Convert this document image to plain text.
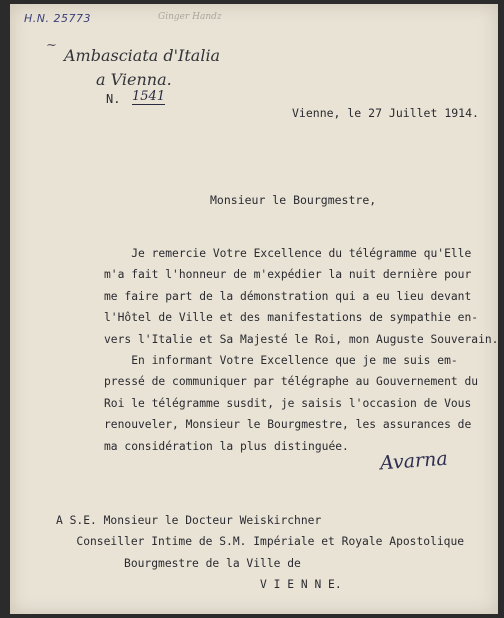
H.N. 25773	Ginger Handz
~
Ambasciata d'Italia
a Vienna.
N. 1541
Vienne, le 27 Juillet 1914.
Monsieur le Bourgmestre,
Je remercie Votre Excellence du télégramme qu'Elle
m'a fait l'honneur de m'expédier la nuit dernière pour
me faire part de la démonstration qui a eu lieu devant
l'Hôtel de Ville et des manifestations de sympathie en-
vers l'Italie et Sa Majesté le Roi, mon Auguste Souverain.
En informant Votre Excellence que je me suis em-
pressé de communiquer par télégraphe au Gouvernement du
Roi le télégramme susdit, je saisis l'occasion de Vous
renouveler, Monsieur le Bourgmestre, les assurances de
ma considération la plus distinguée.
Avarna
A S.E. Monsieur le Docteur Weiskirchner
Conseiller Intime de S.M. Impériale et Royale Apostolique
Bourgmestre de la Ville de
V I E N N E.
